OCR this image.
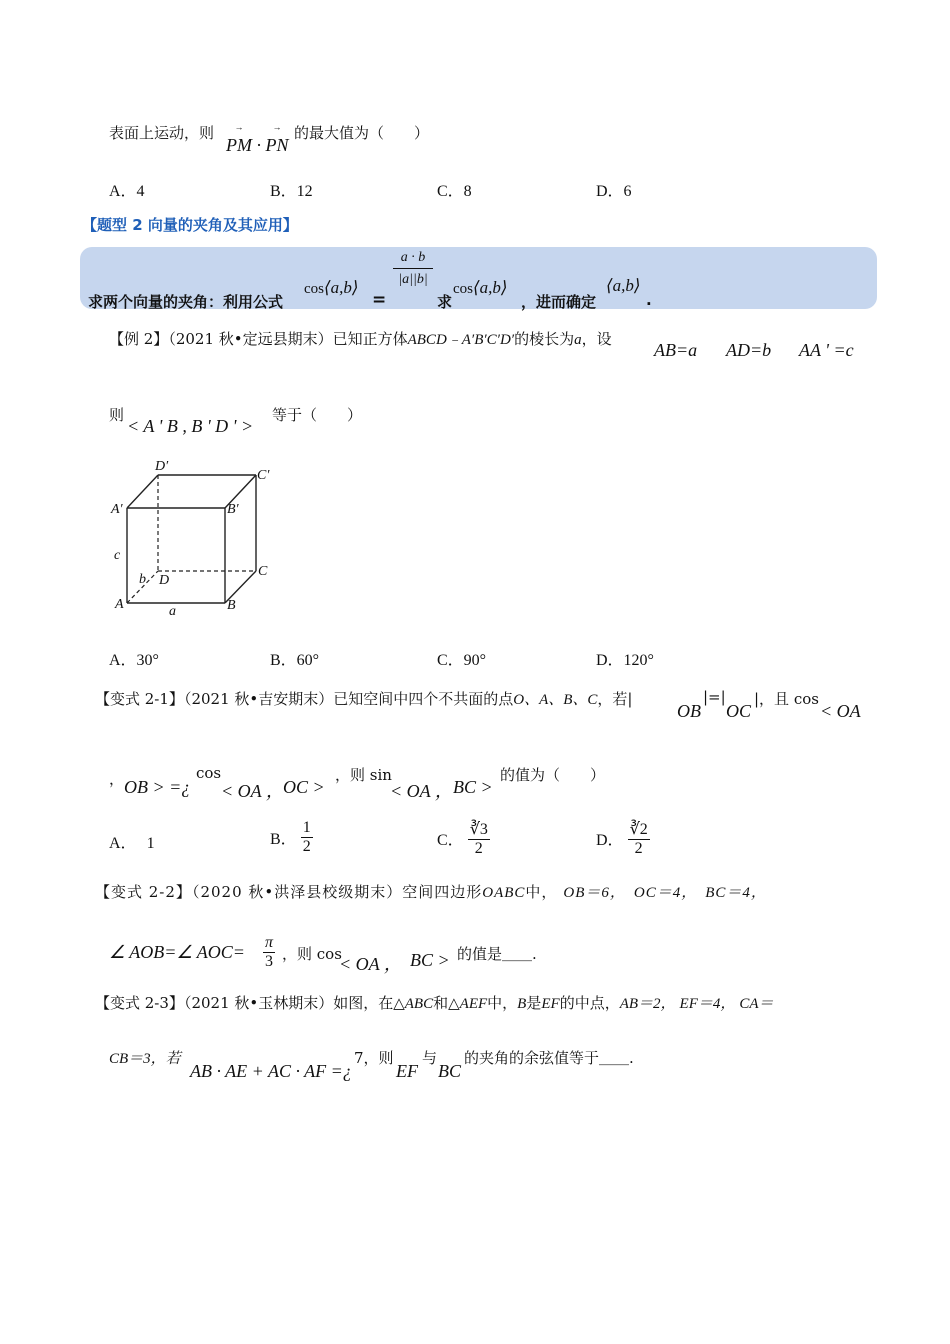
表面上运动，则
→ PM · → PN
的最大值为（　　）
A．4	B．12	C．8	D．6
【题型 2 向量的夹角及其应用】
求两个向量的夹角：利用公式
cos⟨a,b⟩
=
$\frac{a \cdot b}{|a||b|}$
求
cos⟨a,b⟩
，进而确定
⟨a,b⟩
.
【例 2】（2021 秋•定远县期末）已知正方体ABCD﹣A′B′C′D′的棱长为a，设
AB=a AD=b AA ' =c
则
< A ' B , B ' D ' >
等于（　　）
D′
C′
A′	B′
c
b D
C
A	B
a
A．30°	B．60°	C．90°	D．120°
【变式 2-1】（2021 秋•吉安期末）已知空间中四个不共面的点O、A、B、C，若|
OB
|=|
OC
|，且 cos
< OA
， OB > =¿
cos
< OA ， OC >
，则 sin
< OA ， BC >
的值为（　　）
A． 1	B． $\frac{1}{2}$	C． $\frac{∛3}{2}$	D． $\frac{∛2}{2}$
【变式 2-2】（2020 秋•洪泽县校级期末）空间四边形OABC中， OB＝6， OC＝4， BC＝4，
∠ AOB=∠ $AOC= \frac{\pi}{3}$ ，则 cos
< OA ， BC > 的值是＿＿.
【变式 2-3】（2021 秋•玉林期末）如图，在△ABC和△AEF中，B是EF的中点，AB＝2， EF＝4， CA＝
CB＝3，若
AB · AE + AC · AF =¿
7，则
EF
与
BC
的夹角的余弦值等于＿＿.
